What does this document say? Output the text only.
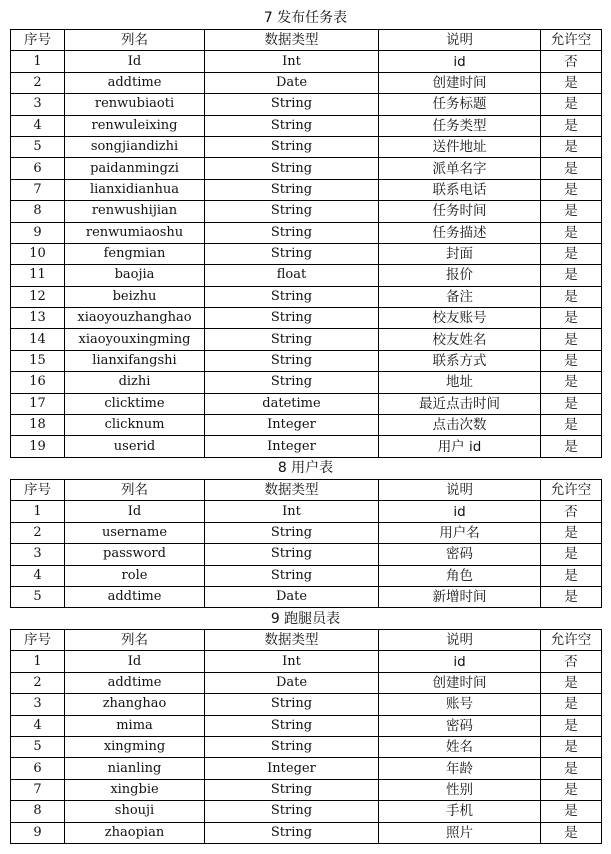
7 发布任务表
序号	列名	数据类型	说明	允许空
1	Id	Int	id	否
2	addtime	Date	创建时间	是
3	renwubiaoti	String	任务标题	是
4	renwuleixing	String	任务类型	是
5	songjiandizhi	String	送件地址	是
6	paidanmingzi	String	派单名字	是
7	lianxidianhua	String	联系电话	是
8	renwushijian	String	任务时间	是
9	renwumiaoshu	String	任务描述	是
10	fengmian	String	封面	是
11	baojia	float	报价	是
12	beizhu	String	备注	是
13	xiaoyouzhanghao	String	校友账号	是
14	xiaoyouxingming	String	校友姓名	是
15	lianxifangshi	String	联系方式	是
16	dizhi	String	地址	是
17	clicktime	datetime	最近点击时间	是
18	clicknum	Integer	点击次数	是
19	userid	Integer	用户 id	是
8 用户表
序号	列名	数据类型	说明	允许空
1	Id	Int	id	否
2	username	String	用户名	是
3	password	String	密码	是
4	role	String	角色	是
5	addtime	Date	新增时间	是
9 跑腿员表
序号	列名	数据类型	说明	允许空
1	Id	Int	id	否
2	addtime	Date	创建时间	是
3	zhanghao	String	账号	是
4	mima	String	密码	是
5	xingming	String	姓名	是
6	nianling	Integer	年龄	是
7	xingbie	String	性别	是
8	shouji	String	手机	是
9	zhaopian	String	照片	是
